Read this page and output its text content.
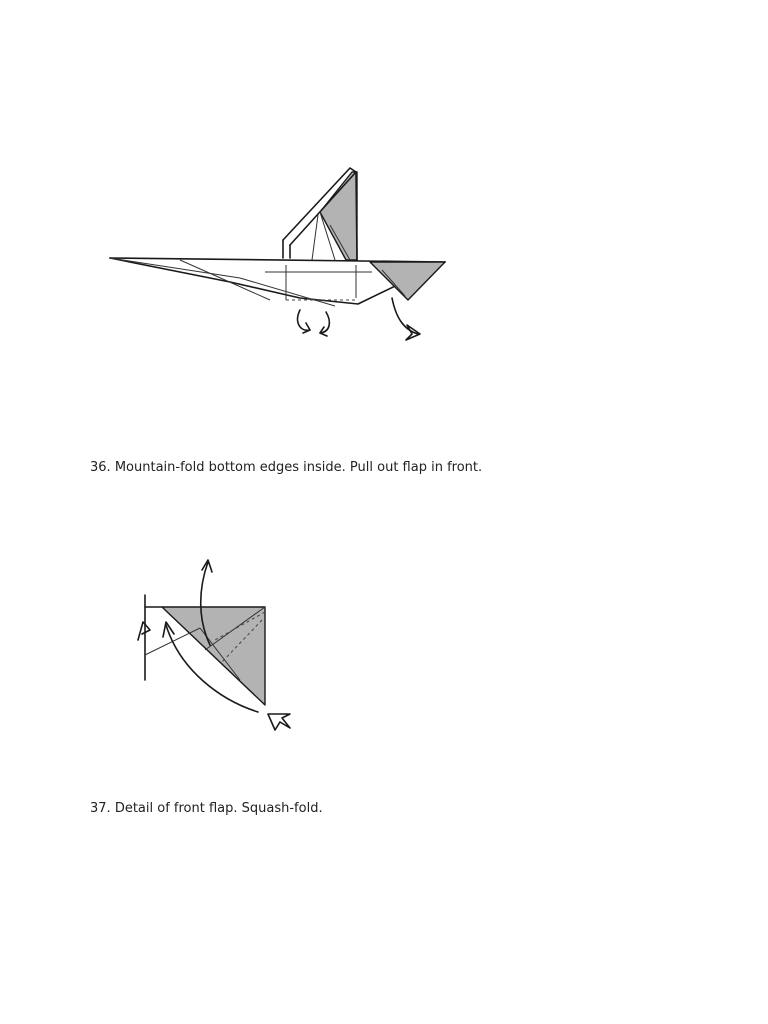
36. Mountain-fold bottom edges inside. Pull out flap in front.
37. Detail of front flap. Squash-fold.
